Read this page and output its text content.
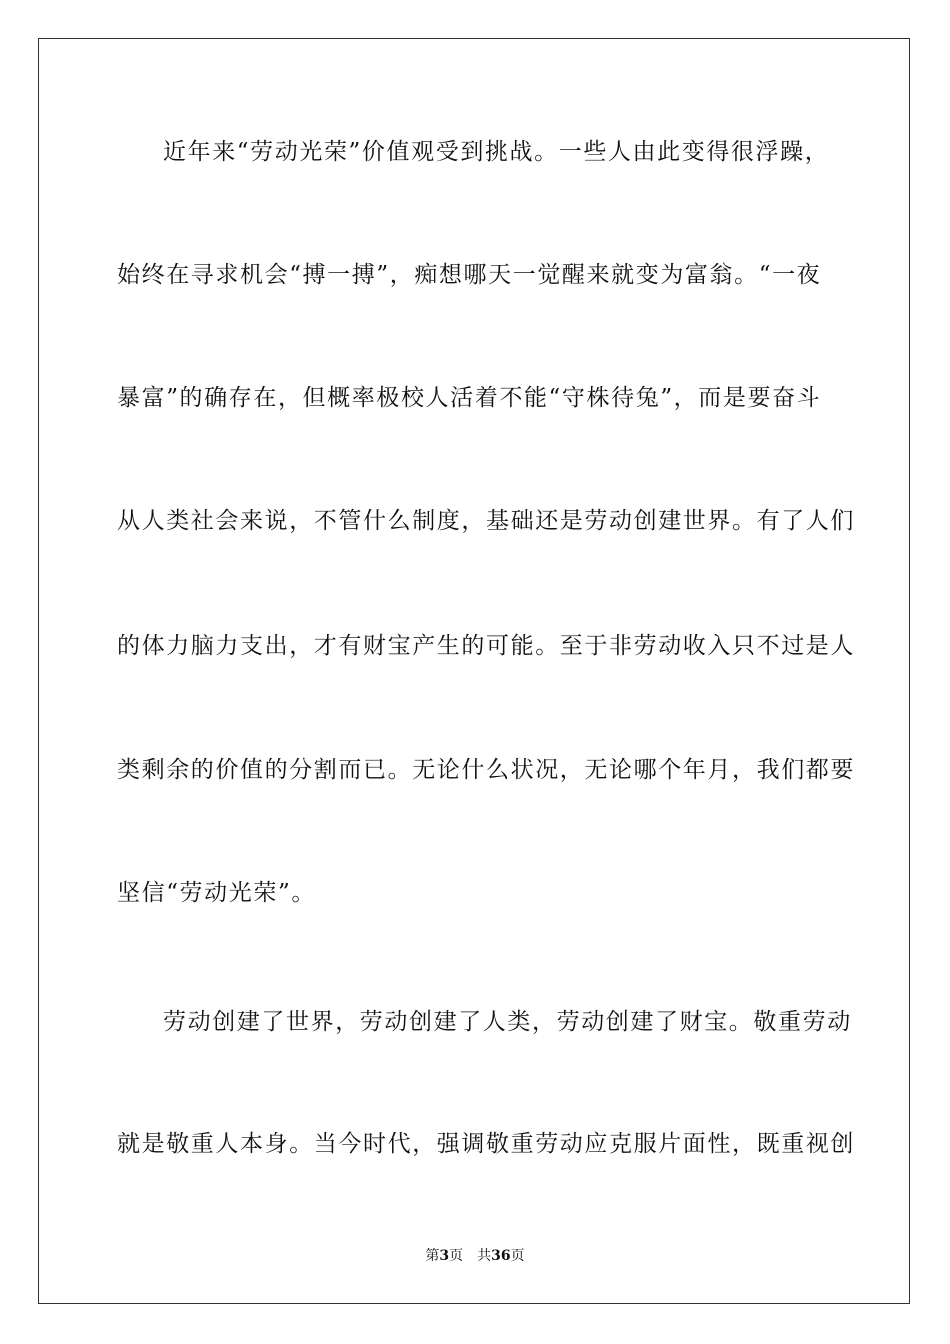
近年来“劳动光荣”价值观受到挑战。一些人由此变得很浮躁，
始终在寻求机会“搏一搏”，痴想哪天一觉醒来就变为富翁。“一夜
暴富”的确存在，但概率极校人活着不能“守株待兔”，而是要奋斗
从人类社会来说，不管什么制度，基础还是劳动创建世界。有了人们
的体力脑力支出，才有财宝产生的可能。至于非劳动收入只不过是人
类剩余的价值的分割而已。无论什么状况，无论哪个年月，我们都要
坚信“劳动光荣”。
劳动创建了世界，劳动创建了人类，劳动创建了财宝。敬重劳动
就是敬重人本身。当今时代，强调敬重劳动应克服片面性，既重视创
第3页 共36页
